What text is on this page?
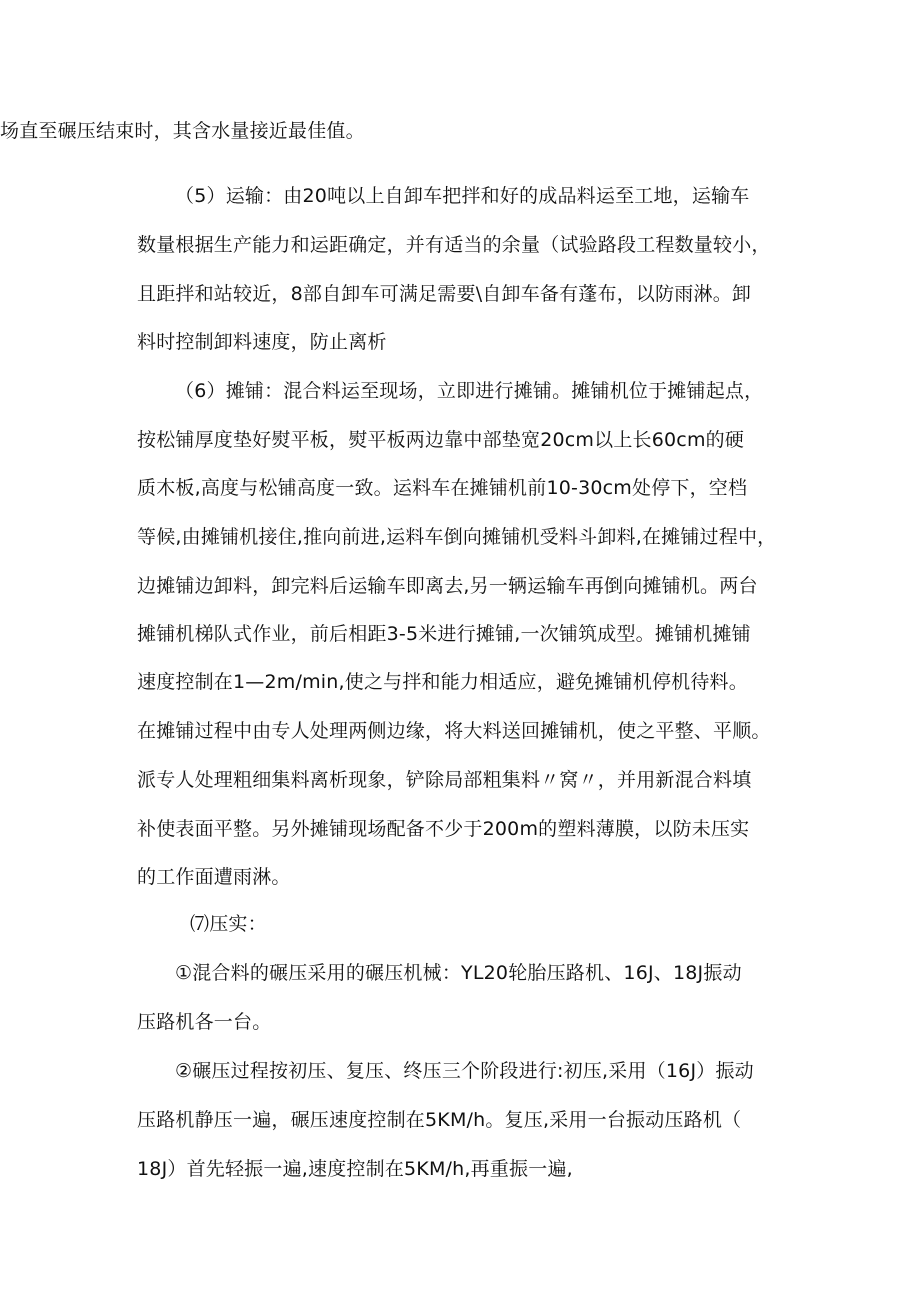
场直至碾压结束时，其含水量接近最佳值。
（5）运输：由20吨以上自卸车把拌和好的成品料运至工地，运输车
数量根据生产能力和运距确定，并有适当的余量（试验路段工程数量较小，
且距拌和站较近，8部自卸车可满足需要\自卸车备有蓬布，以防雨淋。卸
料时控制卸料速度，防止离析
（6）摊铺：混合料运至现场，立即进行摊铺。摊铺机位于摊铺起点，
按松铺厚度垫好熨平板，熨平板两边靠中部垫宽20cm以上长60cm的硬
质木板,高度与松铺高度一致。运料车在摊铺机前10-30cm处停下，空档
等候,由摊铺机接住,推向前进,运料车倒向摊铺机受料斗卸料,在摊铺过程中，
边摊铺边卸料，卸完料后运输车即离去,另一辆运输车再倒向摊铺机。两台
摊铺机梯队式作业，前后相距3-5米进行摊铺,一次铺筑成型。摊铺机摊铺
速度控制在1—2m/min,使之与拌和能力相适应，避免摊铺机停机待料。
在摊铺过程中由专人处理两侧边缘，将大料送回摊铺机，使之平整、平顺。
派专人处理粗细集料离析现象，铲除局部粗集料〃窝〃，并用新混合料填
补使表面平整。另外摊铺现场配备不少于200m的塑料薄膜，以防未压实
的工作面遭雨淋。
⑺压实：
①混合料的碾压采用的碾压机械：YL20轮胎压路机、16J、18J振动
压路机各一台。
②碾压过程按初压、复压、终压三个阶段进行:初压,采用（16J）振动
压路机静压一遍，碾压速度控制在5KM/h。复压,采用一台振动压路机（
18J）首先轻振一遍,速度控制在5KM/h,再重振一遍,
